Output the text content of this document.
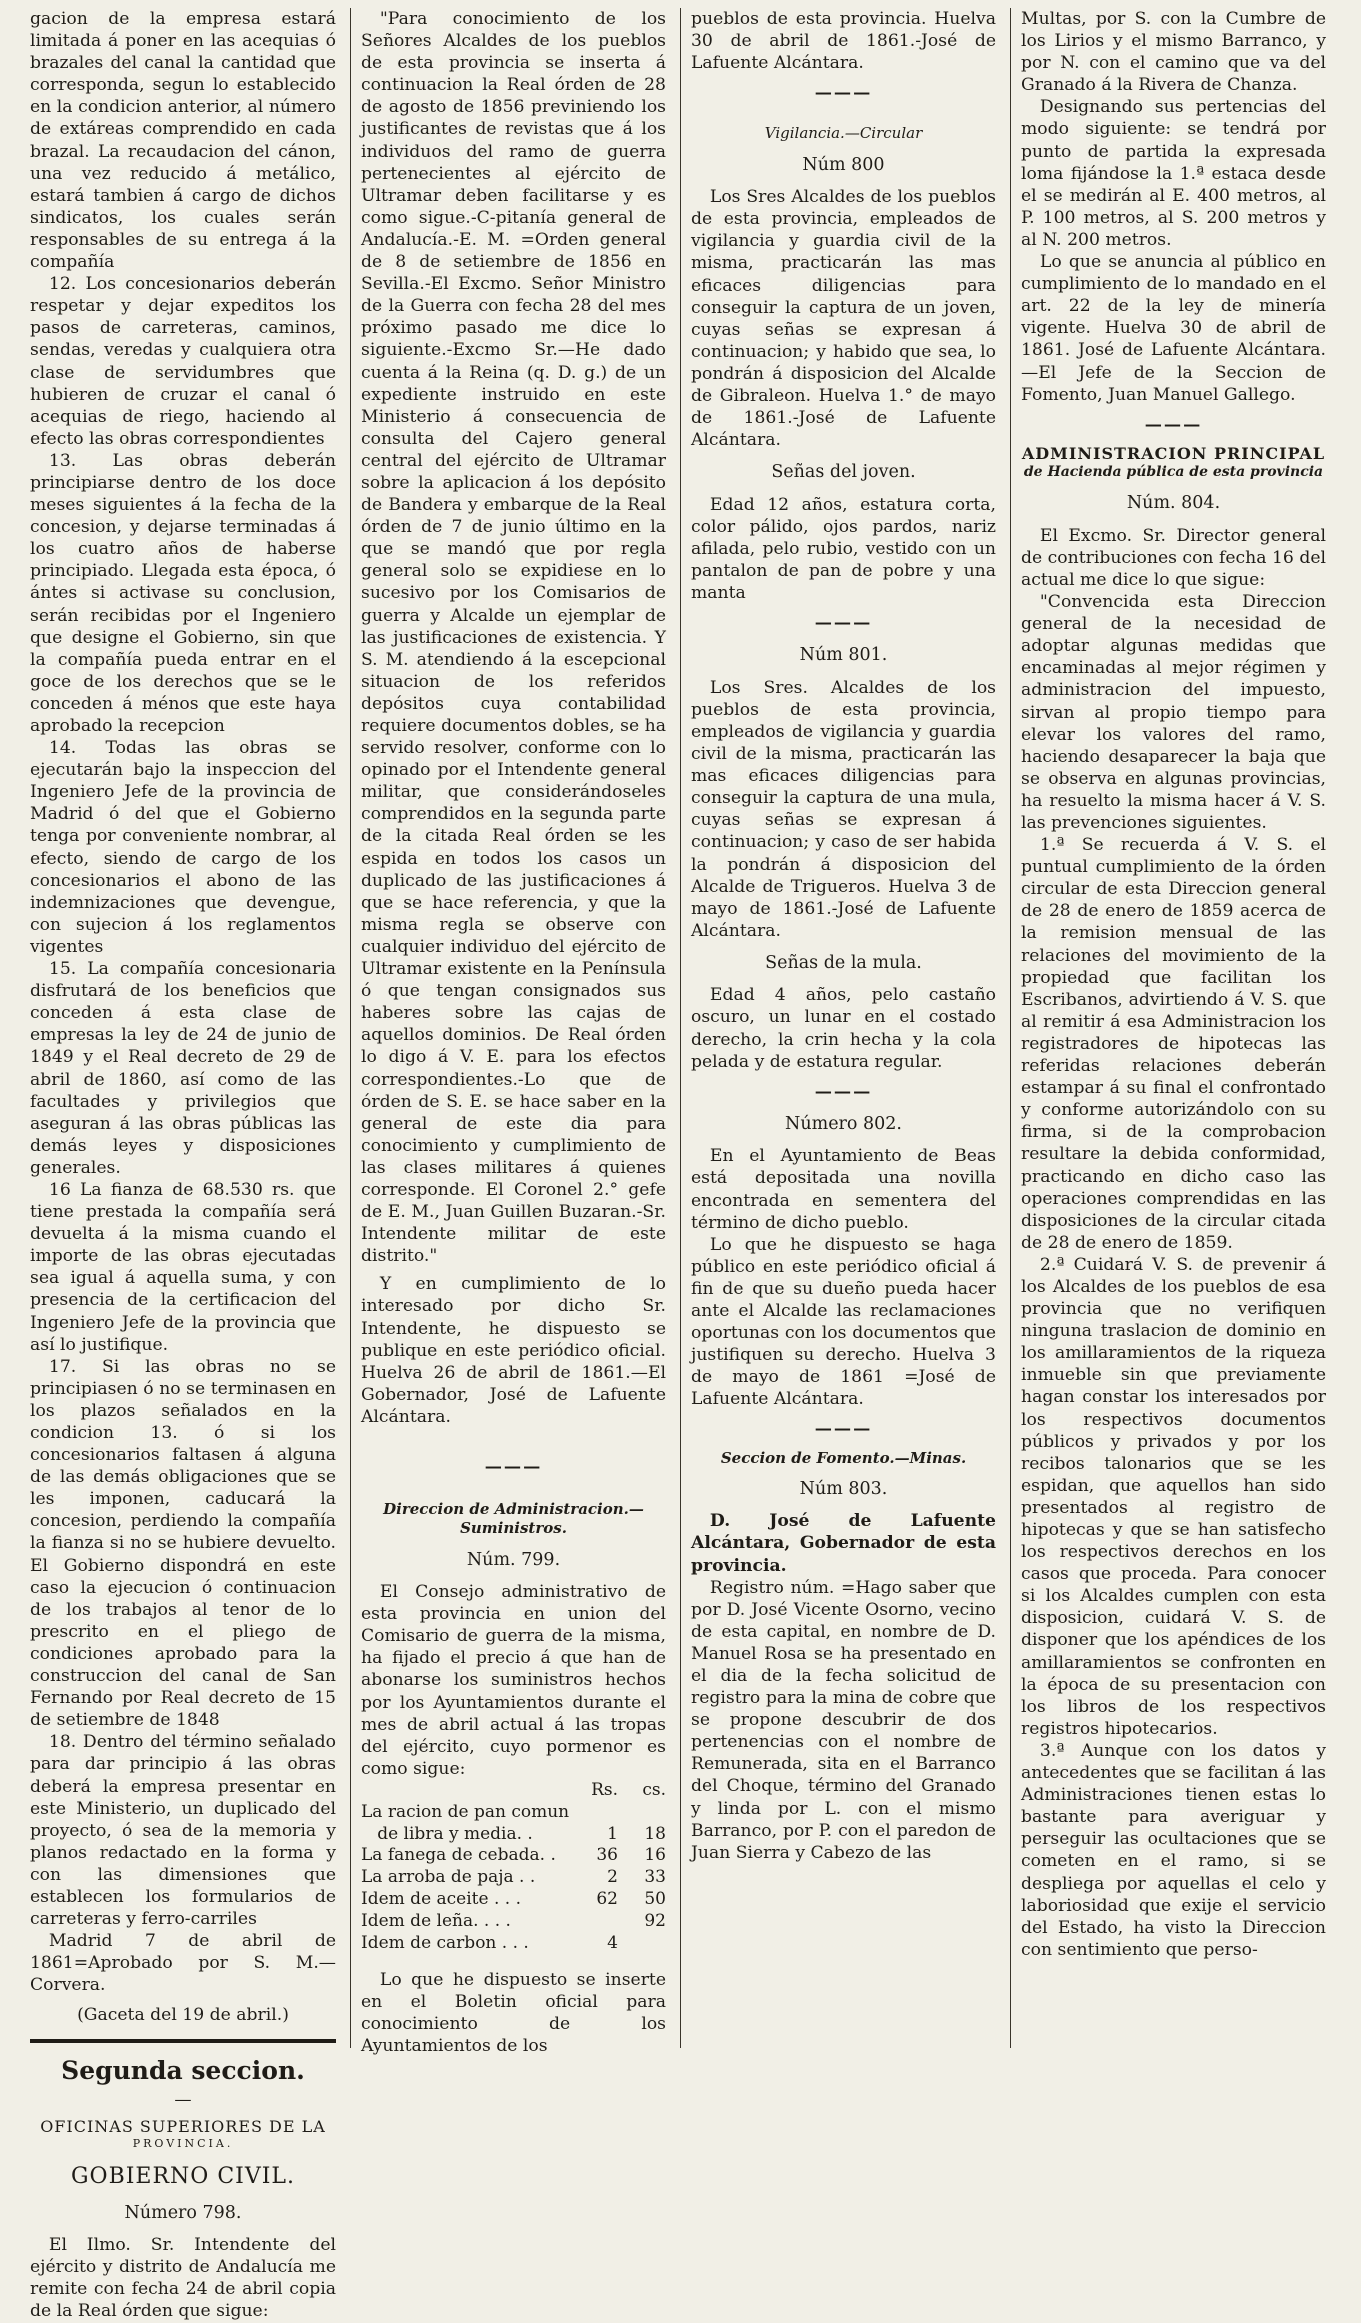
gacion de la empresa estará limitada á poner en las acequias ó brazales del canal la cantidad que corresponda, segun lo establecido en la condicion anterior, al número de extáreas comprendido en cada brazal. La recaudacion del cánon, una vez reducido á metálico, estará tambien á cargo de dichos sindicatos, los cuales serán responsables de su entrega á la compañía

12. Los concesionarios deberán respetar y dejar expeditos los pasos de carreteras, caminos, sendas, veredas y cualquiera otra clase de servidumbres que hubieren de cruzar el canal ó acequias de riego, haciendo al efecto las obras correspondientes

13. Las obras deberán principiarse dentro de los doce meses siguientes á la fecha de la concesion, y dejarse terminadas á los cuatro años de haberse principiado. Llegada esta época, ó ántes si activase su conclusion, serán recibidas por el Ingeniero que designe el Gobierno, sin que la compañía pueda entrar en el goce de los derechos que se le conceden á ménos que este haya aprobado la recepcion

14. Todas las obras se ejecutarán bajo la inspeccion del Ingeniero Jefe de la provincia de Madrid ó del que el Gobierno tenga por conveniente nombrar, al efecto, siendo de cargo de los concesionarios el abono de las indemnizaciones que devengue, con sujecion á los reglamentos vigentes

15. La compañía concesionaria disfrutará de los beneficios que conceden á esta clase de empresas la ley de 24 de junio de 1849 y el Real decreto de 29 de abril de 1860, así como de las facultades y privilegios que aseguran á las obras públicas las demás leyes y disposiciones generales.

16 La fianza de 68.530 rs. que tiene prestada la compañía será devuelta á la misma cuando el importe de las obras ejecutadas sea igual á aquella suma, y con presencia de la certificacion del Ingeniero Jefe de la provincia que así lo justifique.

17. Si las obras no se principiasen ó no se terminasen en los plazos señalados en la condicion 13. ó si los concesionarios faltasen á alguna de las demás obligaciones que se les imponen, caducará la concesion, perdiendo la compañía la fianza si no se hubiere devuelto. El Gobierno dispondrá en este caso la ejecucion ó continuacion de los trabajos al tenor de lo prescrito en el pliego de condiciones aprobado para la construccion del canal de San Fernando por Real decreto de 15 de setiembre de 1848

18. Dentro del término señalado para dar principio á las obras deberá la empresa presentar en este Ministerio, un duplicado del proyecto, ó sea de la memoria y planos redactado en la forma y con las dimensiones que establecen los formularios de carreteras y ferro-carriles

Madrid 7 de abril de 1861=Aprobado por S. M.—Corvera.

(Gaceta del 19 de abril.)

Segunda seccion.
—
OFICINAS SUPERIORES DE LA
PROVINCIA.
GOBIERNO CIVIL.
Número 798.

El Ilmo. Sr. Intendente del ejército y distrito de Andalucía me remite con fecha 24 de abril copia de la Real órden que sigue:

"Para conocimiento de los Señores Alcaldes de los pueblos de esta provincia se inserta á continuacion la Real órden de 28 de agosto de 1856 previniendo los justificantes de revistas que á los individuos del ramo de guerra pertenecientes al ejército de Ultramar deben facilitarse y es como sigue.-C-pitanía general de Andalucía.-E. M. =Orden general de 8 de setiembre de 1856 en Sevilla.-El Excmo. Señor Ministro de la Guerra con fecha 28 del mes próximo pasado me dice lo siguiente.-Excmo Sr.—He dado cuenta á la Reina (q. D. g.) de un expediente instruido en este Ministerio á consecuencia de consulta del Cajero general central del ejército de Ultramar sobre la aplicacion á los depósito de Bandera y embarque de la Real órden de 7 de junio último en la que se mandó que por regla general solo se expidiese en lo sucesivo por los Comisarios de guerra y Alcalde un ejemplar de las justificaciones de existencia. Y S. M. atendiendo á la escepcional situacion de los referidos depósitos cuya contabilidad requiere documentos dobles, se ha servido resolver, conforme con lo opinado por el Intendente general militar, que considerándoseles comprendidos en la segunda parte de la citada Real órden se les espida en todos los casos un duplicado de las justificaciones á que se hace referencia, y que la misma regla se observe con cualquier individuo del ejército de Ultramar existente en la Península ó que tengan consignados sus haberes sobre las cajas de aquellos dominios. De Real órden lo digo á V. E. para los efectos correspondientes.-Lo que de órden de S. E. se hace saber en la general de este dia para conocimiento y cumplimiento de las clases militares á quienes corresponde. El Coronel 2.° gefe de E. M., Juan Guillen Buzaran.-Sr. Intendente militar de este distrito."

Y en cumplimiento de lo interesado por dicho Sr. Intendente, he dispuesto se publique en este periódico oficial. Huelva 26 de abril de 1861.—El Gobernador, José de Lafuente Alcántara.

———
Direccion de Administracion.—Suministros.
Núm. 799.

El Consejo administrativo de esta provincia en union del Comisario de guerra de la misma, ha fijado el precio á que han de abonarse los suministros hechos por los Ayuntamientos durante el mes de abril actual á las tropas del ejército, cuyo pormenor es como sigue:

	Rs.	cs.
La racion de pan comun		
de libra y media. .	1	18
La fanega de cebada. .	36	16
La arroba de paja . .	2	33
Idem de aceite . . .	62	50
Idem de leña. . . .		92
Idem de carbon . . .	4	

Lo que he dispuesto se inserte en el Boletin oficial para conocimiento de los Ayuntamientos de los

pueblos de esta provincia. Huelva 30 de abril de 1861.-José de Lafuente Alcántara.

———
Vigilancia.—Circular
Núm 800

Los Sres Alcaldes de los pueblos de esta provincia, empleados de vigilancia y guardia civil de la misma, practicarán las mas eficaces diligencias para conseguir la captura de un joven, cuyas señas se expresan á continuacion; y habido que sea, lo pondrán á disposicion del Alcalde de Gibraleon. Huelva 1.° de mayo de 1861.-José de Lafuente Alcántara.

Señas del joven.

Edad 12 años, estatura corta, color pálido, ojos pardos, nariz afilada, pelo rubio, vestido con un pantalon de pan de pobre y una manta

———
Núm 801.

Los Sres. Alcaldes de los pueblos de esta provincia, empleados de vigilancia y guardia civil de la misma, practicarán las mas eficaces diligencias para conseguir la captura de una mula, cuyas señas se expresan á continuacion; y caso de ser habida la pondrán á disposicion del Alcalde de Trigueros. Huelva 3 de mayo de 1861.-José de Lafuente Alcántara.

Señas de la mula.

Edad 4 años, pelo castaño oscuro, un lunar en el costado derecho, la crin hecha y la cola pelada y de estatura regular.

———
Número 802.

En el Ayuntamiento de Beas está depositada una novilla encontrada en sementera del término de dicho pueblo.

Lo que he dispuesto se haga público en este periódico oficial á fin de que su dueño pueda hacer ante el Alcalde las reclamaciones oportunas con los documentos que justifiquen su derecho. Huelva 3 de mayo de 1861 =José de Lafuente Alcántara.

———
Seccion de Fomento.—Minas.
Núm 803.

D. José de Lafuente Alcántara, Gobernador de esta provincia.

Registro núm. =Hago saber que por D. José Vicente Osorno, vecino de esta capital, en nombre de D. Manuel Rosa se ha presentado en el dia de la fecha solicitud de registro para la mina de cobre que se propone descubrir de dos pertenencias con el nombre de Remunerada, sita en el Barranco del Choque, término del Granado y linda por L. con el mismo Barranco, por P. con el paredon de Juan Sierra y Cabezo de las

Multas, por S. con la Cumbre de los Lirios y el mismo Barranco, y por N. con el camino que va del Granado á la Rivera de Chanza.

Designando sus pertencias del modo siguiente: se tendrá por punto de partida la expresada loma fijándose la 1.ª estaca desde el se medirán al E. 400 metros, al P. 100 metros, al S. 200 metros y al N. 200 metros.

Lo que se anuncia al público en cumplimiento de lo mandado en el art. 22 de la ley de minería vigente. Huelva 30 de abril de 1861. José de Lafuente Alcántara.—El Jefe de la Seccion de Fomento, Juan Manuel Gallego.

———
ADMINISTRACION PRINCIPAL
de Hacienda pública de esta provincia
Núm. 804.

El Excmo. Sr. Director general de contribuciones con fecha 16 del actual me dice lo que sigue:

"Convencida esta Direccion general de la necesidad de adoptar algunas medidas que encaminadas al mejor régimen y administracion del impuesto, sirvan al propio tiempo para elevar los valores del ramo, haciendo desaparecer la baja que se observa en algunas provincias, ha resuelto la misma hacer á V. S. las prevenciones siguientes.

1.ª Se recuerda á V. S. el puntual cumplimiento de la órden circular de esta Direccion general de 28 de enero de 1859 acerca de la remision mensual de las relaciones del movimiento de la propiedad que facilitan los Escribanos, advirtiendo á V. S. que al remitir á esa Administracion los registradores de hipotecas las referidas relaciones deberán estampar á su final el confrontado y conforme autorizándolo con su firma, si de la comprobacion resultare la debida conformidad, practicando en dicho caso las operaciones comprendidas en las disposiciones de la circular citada de 28 de enero de 1859.

2.ª Cuidará V. S. de prevenir á los Alcaldes de los pueblos de esa provincia que no verifiquen ninguna traslacion de dominio en los amillaramientos de la riqueza inmueble sin que previamente hagan constar los interesados por los respectivos documentos públicos y privados y por los recibos talonarios que se les espidan, que aquellos han sido presentados al registro de hipotecas y que se han satisfecho los respectivos derechos en los casos que proceda. Para conocer si los Alcaldes cumplen con esta disposicion, cuidará V. S. de disponer que los apéndices de los amillaramientos se confronten en la época de su presentacion con los libros de los respectivos registros hipotecarios.

3.ª Aunque con los datos y antecedentes que se facilitan á las Administraciones tienen estas lo bastante para averiguar y perseguir las ocultaciones que se cometen en el ramo, si se despliega por aquellas el celo y laboriosidad que exije el servicio del Estado, ha visto la Direccion con sentimiento que perso-
